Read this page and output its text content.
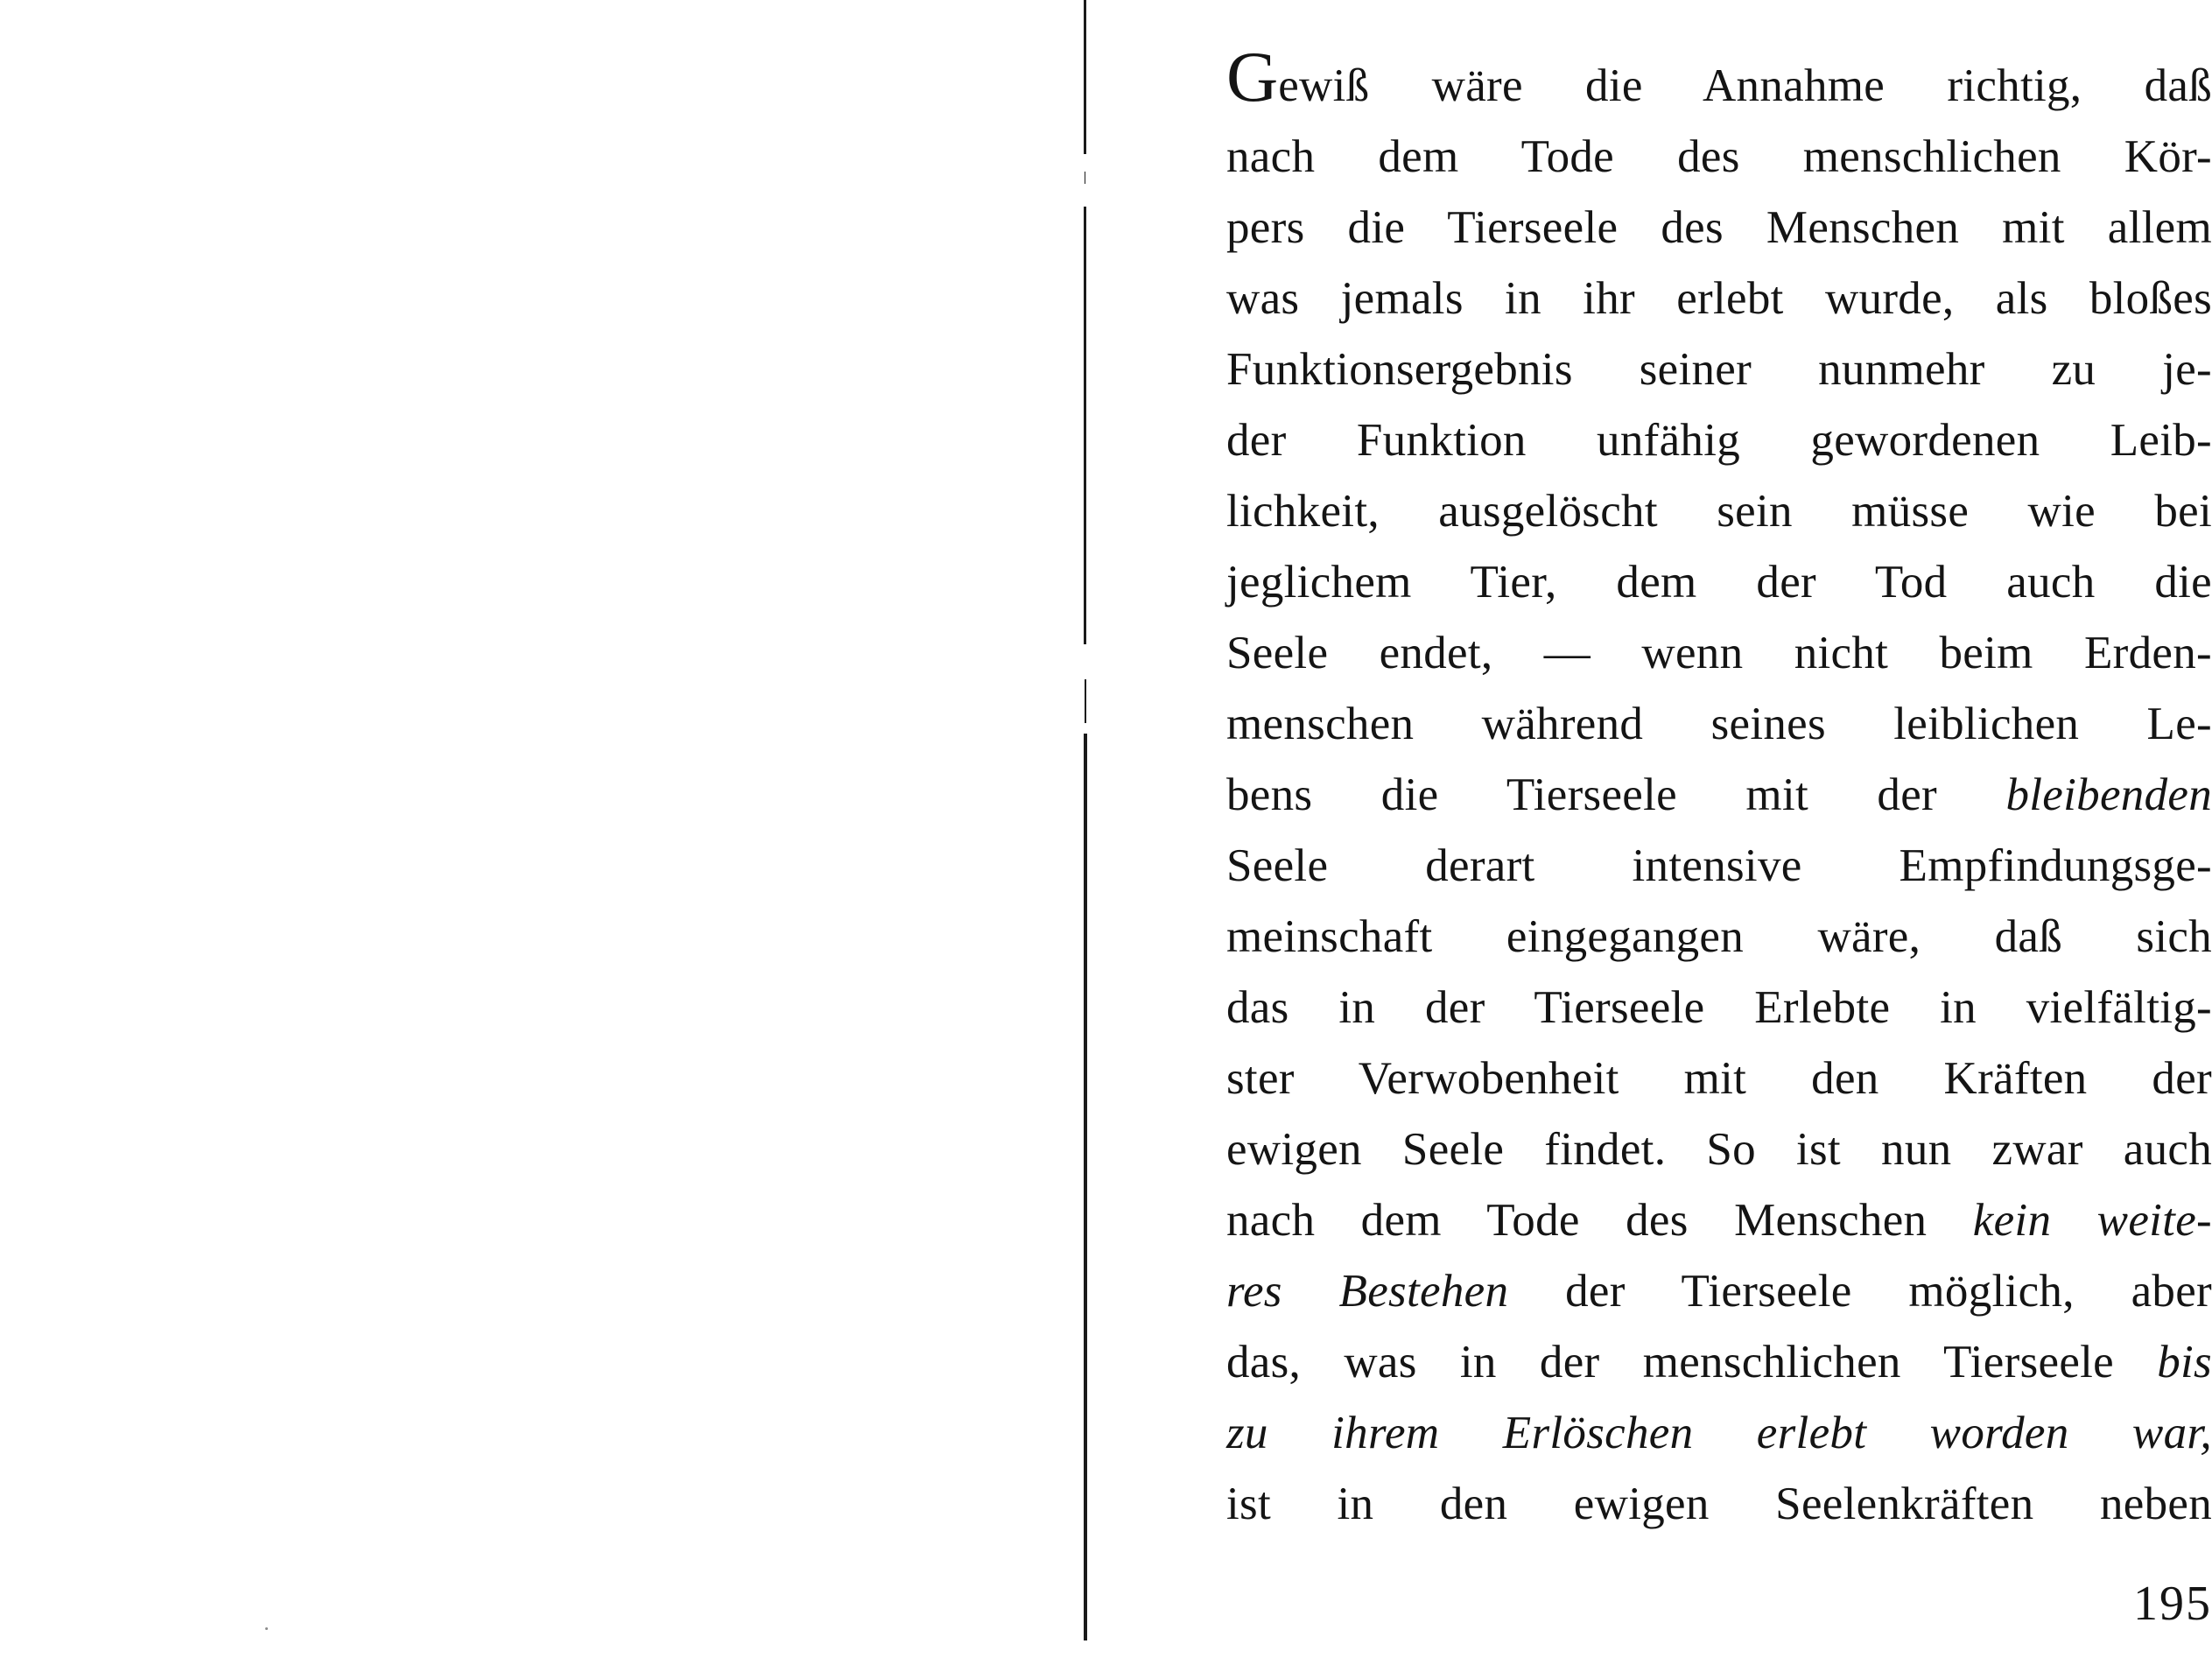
Gewiß wäre die Annahme richtig, daß
nach dem Tode des menschlichen Kör-
pers die Tierseele des Menschen mit allem
was jemals in ihr erlebt wurde, als bloßes
Funktionsergebnis seiner nunmehr zu je-
der Funktion unfähig gewordenen Leib-
lichkeit, ausgelöscht sein müsse wie bei
jeglichem Tier, dem der Tod auch die
Seele endet, — wenn nicht beim Erden-
menschen während seines leiblichen Le-
bens die Tierseele mit der bleibenden
Seele derart intensive Empfindungsge-
meinschaft eingegangen wäre, daß sich
das in der Tierseele Erlebte in vielfältig-
ster Verwobenheit mit den Kräften der
ewigen Seele findet. So ist nun zwar auch
nach dem Tode des Menschen kein weite-
res Bestehen der Tierseele möglich, aber
das, was in der menschlichen Tierseele bis
zu ihrem Erlöschen erlebt worden war,
ist in den ewigen Seelenkräften neben
195
